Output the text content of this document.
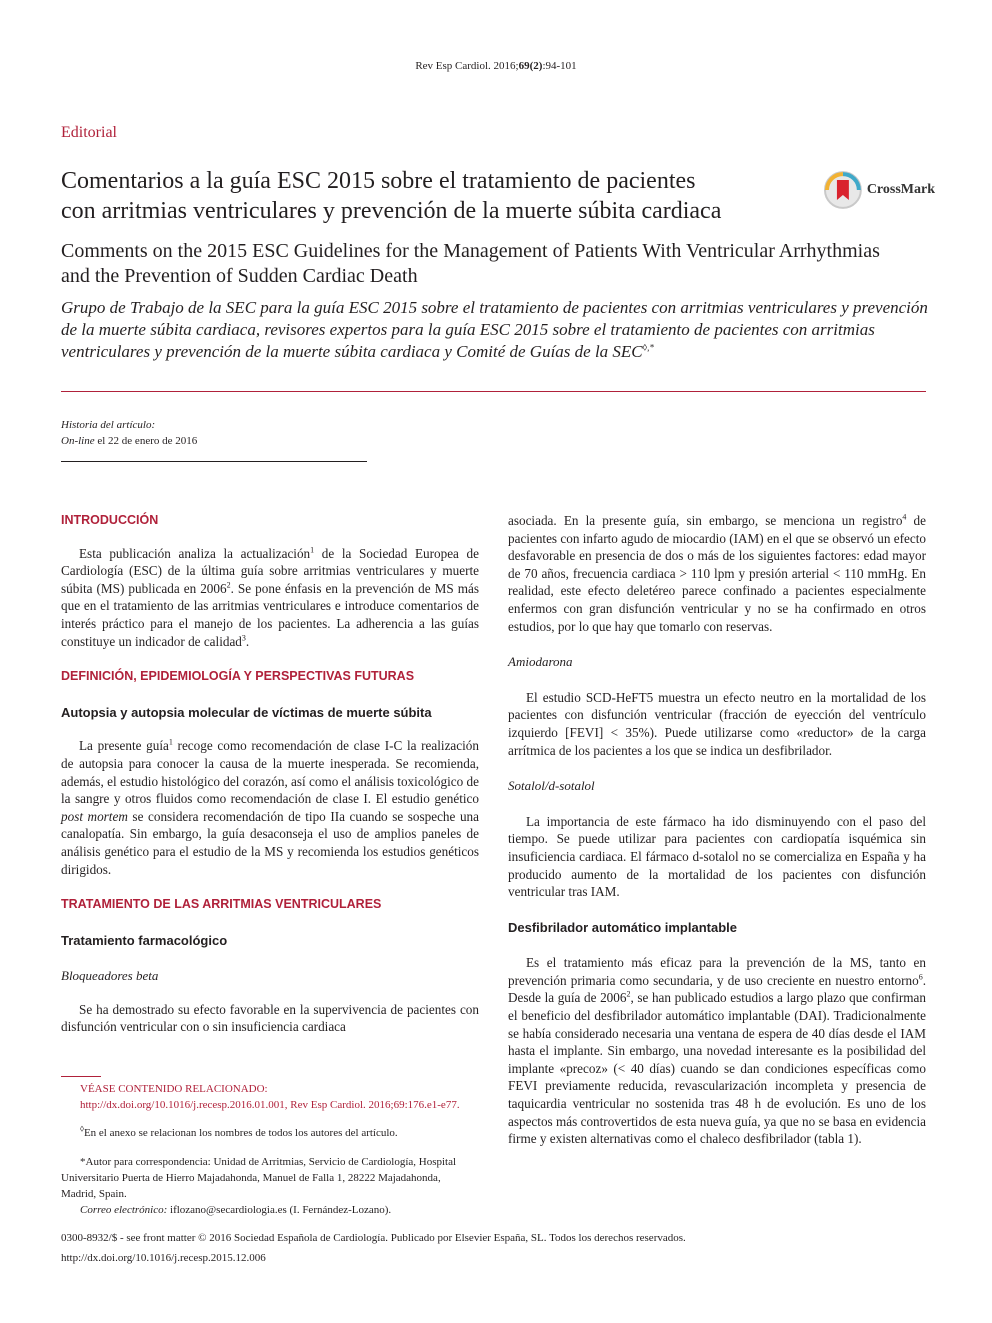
Rev Esp Cardiol. 2016;69(2):94-101
Editorial
Comentarios a la guía ESC 2015 sobre el tratamiento de pacientes
con arritmias ventriculares y prevención de la muerte súbita cardiaca
CrossMark
Comments on the 2015 ESC Guidelines for the Management of Patients With Ventricular Arrhythmias
and the Prevention of Sudden Cardiac Death
Grupo de Trabajo de la SEC para la guía ESC 2015 sobre el tratamiento de pacientes con arritmias ventriculares y prevención de la muerte súbita cardiaca, revisores expertos para la guía ESC 2015 sobre el tratamiento de pacientes con arritmias ventriculares y prevención de la muerte súbita cardiaca y Comité de Guías de la SEC◊,*
Historia del artículo:
On-line el 22 de enero de 2016
INTRODUCCIÓN

Esta publicación analiza la actualización$^1$ de la Sociedad Europea de Cardiología (ESC) de la última guía sobre arritmias ventriculares y muerte súbita (MS) publicada en 2006$^2$. Se pone énfasis en la prevención de MS más que en el tratamiento de las arritmias ventriculares e introduce comentarios de interés práctico para el manejo de los pacientes. La adherencia a las guías constituye un indicador de calidad$^3$.

DEFINICIÓN, EPIDEMIOLOGÍA Y PERSPECTIVAS FUTURAS
Autopsia y autopsia molecular de víctimas de muerte súbita

La presente guía$^1$ recoge como recomendación de clase I-C la realización de autopsia para conocer la causa de la muerte inesperada. Se recomienda, además, el estudio histológico del corazón, así como el análisis toxicológico de la sangre y otros fluidos como recomendación de clase I. El estudio genético post mortem se considera recomendación de tipo IIa cuando se sospeche una canalopatía. Sin embargo, la guía desaconseja el uso de amplios paneles de análisis genético para el estudio de la MS y recomienda los estudios genéticos dirigidos.

TRATAMIENTO DE LAS ARRITMIAS VENTRICULARES
Tratamiento farmacológico
Bloqueadores beta

Se ha demostrado su efecto favorable en la supervivencia de pacientes con disfunción ventricular con o sin insuficiencia cardiaca

VÉASE CONTENIDO RELACIONADO:
http://dx.doi.org/10.1016/j.recesp.2016.01.001, Rev Esp Cardiol. 2016;69:176.e1-e77.
◊En el anexo se relacionan los nombres de todos los autores del artículo.
*Autor para correspondencia: Unidad de Arritmias, Servicio de Cardiología, Hospital Universitario Puerta de Hierro Majadahonda, Manuel de Falla 1, 28222 Majadahonda, Madrid, Spain.
Correo electrónico: iflozano@secardiologia.es (I. Fernández-Lozano).

asociada. En la presente guía, sin embargo, se menciona un registro$^4$ de pacientes con infarto agudo de miocardio (IAM) en el que se observó un efecto desfavorable en presencia de dos o más de los siguientes factores: edad mayor de 70 años, frecuencia cardiaca > 110 lpm y presión arterial < 110 mmHg. En realidad, este efecto deletéreo parece confinado a pacientes especialmente enfermos con gran disfunción ventricular y no se ha confirmado en otros estudios, por lo que hay que tomarlo con reservas.

Amiodarona

El estudio SCD-HeFT5 muestra un efecto neutro en la mortalidad de los pacientes con disfunción ventricular (fracción de eyección del ventrículo izquierdo [FEVI] < 35%). Puede utilizarse como «reductor» de la carga arrítmica de los pacientes a los que se indica un desfibrilador.

Sotalol/d-sotalol

La importancia de este fármaco ha ido disminuyendo con el paso del tiempo. Se puede utilizar para pacientes con cardiopatía isquémica sin insuficiencia cardiaca. El fármaco d-sotalol no se comercializa en España y ha producido aumento de la mortalidad de los pacientes con disfunción ventricular tras IAM.

Desfibrilador automático implantable

Es el tratamiento más eficaz para la prevención de la MS, tanto en prevención primaria como secundaria, y de uso creciente en nuestro entorno$^6$. Desde la guía de 2006$^2$, se han publicado estudios a largo plazo que confirman el beneficio del desfibrilador automático implantable (DAI). Tradicionalmente se había considerado necesaria una ventana de espera de 40 días desde el IAM hasta el implante. Sin embargo, una novedad interesante es la posibilidad del implante «precoz» (< 40 días) cuando se dan condiciones específicas como FEVI previamente reducida, revascularización incompleta y presencia de taquicardia ventricular no sostenida tras 48 h de evolución. Es uno de los aspectos más controvertidos de esta nueva guía, ya que no se basa en evidencia firme y existen alternativas como el chaleco desfibrilador (tabla 1).

0300-8932/$ - see front matter © 2016 Sociedad Española de Cardiología. Publicado por Elsevier España, SL. Todos los derechos reservados.
http://dx.doi.org/10.1016/j.recesp.2015.12.006
